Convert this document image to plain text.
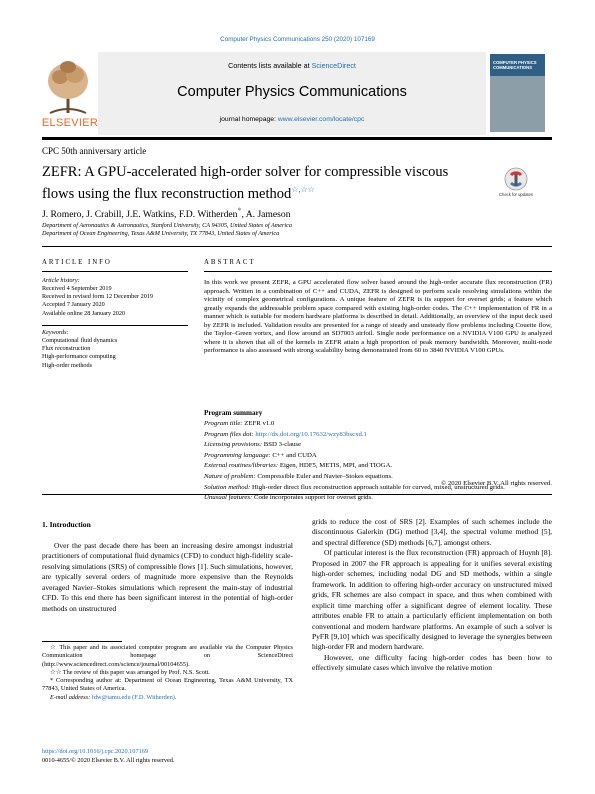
Computer Physics Communications 250 (2020) 107169
Contents lists available at ScienceDirect
Computer Physics Communications
journal homepage: www.elsevier.com/locate/cpc
ELSEVIER
COMPUTER PHYSICS COMMUNICATIONS
CPC 50th anniversary article
ZEFR: A GPU-accelerated high-order solver for compressible viscous flows using the flux reconstruction method☆,☆☆
Check for updates
J. Romero, J. Crabill, J.E. Watkins, F.D. Witherden*, A. Jameson
Department of Aeronautics & Astronautics, Stanford University, CA 94305, United States of America
Department of Ocean Engineering, Texas A&M University, TX 77843, United States of America
ARTICLE INFO
Article history:
Received 4 September 2019
Received in revised form 12 December 2019
Accepted 7 January 2020
Available online 28 January 2020
Keywords:
Computational fluid dynamics
Flux reconstruction
High-performance computing
High-order methods
ABSTRACT
In this work we present ZEFR, a GPU accelerated flow solver based around the high-order accurate flux reconstruction (FR) approach. Written in a combination of C++ and CUDA, ZEFR is designed to perform scale resolving simulations within the vicinity of complex geometrical configurations. A unique feature of ZEFR is its support for overset grids; a feature which greatly expands the addressable problem space compared with existing high-order codes. The C++ implementation of FR in a manner which is suitable for modern hardware platforms is described in detail. Additionally, an overview of the input deck used by ZEFR is included. Validation results are presented for a range of steady and unsteady flow problems including Couette flow, the Taylor–Green vortex, and flow around an SD7003 airfoil. Single node performance on a NVIDIA V100 GPU is analyzed where it is shown that all of the kernels in ZEFR attain a high proportion of peak memory bandwidth. Moreover, multi-node performance is also assessed with strong scalability being demonstrated from 60 to 3840 NVIDIA V100 GPUs.
Program summary
Program title: ZEFR v1.0
Program files doi: http://dx.doi.org/10.17632/wzy83bscxd.1
Licensing provisions: BSD 3-clause
Programming language: C++ and CUDA
External routines/libraries: Eigen, HDF5, METIS, MPI, and TIOGA.
Nature of problem: Compressible Euler and Navier–Stokes equations.
Solution method: High-order direct flux reconstruction approach suitable for curved, mixed, unstructured grids.
Unusual features: Code incorporates support for overset grids.
© 2020 Elsevier B.V. All rights reserved.
1. Introduction

Over the past decade there has been an increasing desire amongst industrial practitioners of computational fluid dynamics (CFD) to conduct high-fidelity scale-resolving simulations (SRS) of compressible flows [1]. Such simulations, however, are typically several orders of magnitude more expensive than the Reynolds averaged Navier–Stokes simulations which represent the main-stay of industrial CFD. To this end there has been significant interest in the potential of high-order methods on unstructured

grids to reduce the cost of SRS [2]. Examples of such schemes include the discontinuous Galerkin (DG) method [3,4], the spectral volume method [5], and spectral difference (SD) methods [6,7], amongst others.

Of particular interest is the flux reconstruction (FR) approach of Huynh [8]. Proposed in 2007 the FR approach is appealing for it unifies several existing high-order schemes, including nodal DG and SD methods, within a single framework. In addition to offering high-order accuracy on unstructured mixed grids, FR schemes are also compact in space, and thus when combined with explicit time marching offer a significant degree of element locality. These attributes enable FR to attain a particularly efficient implementation on both conventional and modern hardware platforms. An example of such a solver is PyFR [9,10] which was specifically designed to leverage the synergies between high-order FR and modern hardware.

However, one difficulty facing high-order codes has been how to effectively simulate cases which involve the relative motion

☆ This paper and its associated computer program are available via the Computer Physics Communication homepage on ScienceDirect (http://www.sciencedirect.com/science/journal/00104655).

☆☆ The review of this paper was arranged by Prof. N.S. Scott.

* Corresponding author at: Department of Ocean Engineering, Texas A&M University, TX 77843, United States of America.

E-mail address: fdw@tamu.edu (F.D. Witherden).

https://doi.org/10.1016/j.cpc.2020.107169
0010-4655/© 2020 Elsevier B.V. All rights reserved.
